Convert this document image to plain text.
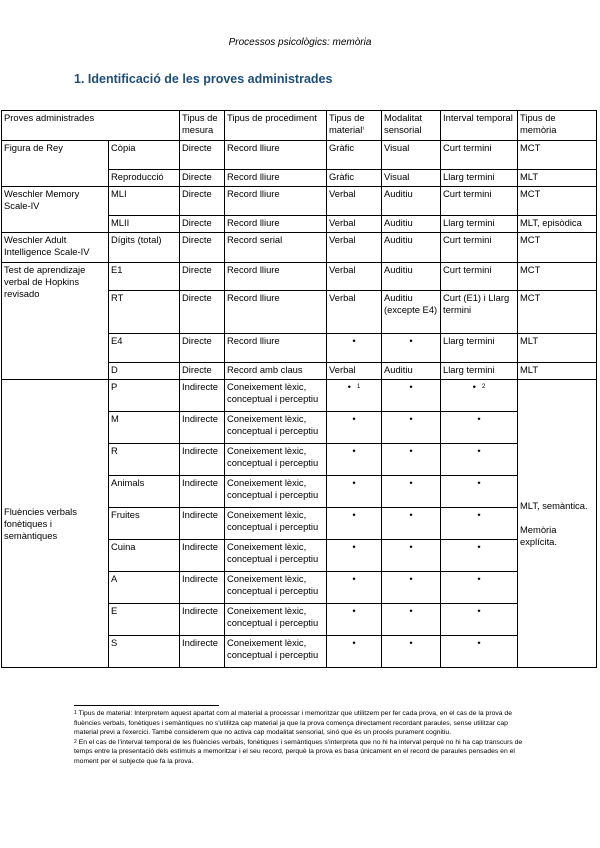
Processos psicològics: memòria
1. Identificació de les proves administrades
Proves administrades		Tipus de mesura	Tipus de procediment	Tipus de material$^{^1}$	Modalitat sensorial	Interval temporal	Tipus de memòria
Figura de Rey	Còpia	Directe	Record lliure	Gràfic	Visual	Curt termini	MCT
	Reproducció	Directe	Record lliure	Gràfic	Visual	Llarg termini	MLT
Weschler Memory Scale-IV	MLI	Directe	Record lliure	Verbal	Auditiu	Curt termini	MCT
	MLII	Directe	Record lliure	Verbal	Auditiu	Llarg termini	MLT, episòdica
Weschler Adult Intelligence Scale-IV	Dígits (total)	Directe	Record serial	Verbal	Auditiu	Curt termini	MCT
Test de aprendizaje verbal de Hopkins revisado	E1	Directe	Record lliure	Verbal	Auditiu	Curt termini	MCT
	RT	Directe	Record lliure	Verbal	Auditiu (excepte E4)	Curt (E1) i Llarg termini	MCT
	E4	Directe	Record lliure	•	•	Llarg termini	MLT
	D	Directe	Record amb claus	Verbal	Auditiu	Llarg termini	MLT
Fluències verbals fonètiques i semàntiques	P	Indirecte	Coneixement lèxic, conceptual i perceptiu	• $^1$	•	• $^2$	MLT, semàntica.
Memòria explícita.

	M	Indirecte	Coneixement lèxic, conceptual i perceptiu	•	•	•	
	R	Indirecte	Coneixement lèxic, conceptual i perceptiu	•	•	•	
	Animals	Indirecte	Coneixement lèxic, conceptual i perceptiu	•	•	•	
	Fruites	Indirecte	Coneixement lèxic, conceptual i perceptiu	•	•	•	
	Cuina	Indirecte	Coneixement lèxic, conceptual i perceptiu	•	•	•	
	A	Indirecte	Coneixement lèxic, conceptual i perceptiu	•	•	•	
	E	Indirecte	Coneixement lèxic, conceptual i perceptiu	•	•	•	
	S	Indirecte	Coneixement lèxic, conceptual i perceptiu	•	•	•	

$^1$ Tipus de material: Interpretem aquest apartat com al material a processar i memoritzar que utilitzem per fer cada prova, en el cas de la prova de fluències verbals, fonètiques i semàntiques no s'utilitza cap material ja que la prova comença directament recordant paraules, sense utilitzar cap material previ a l'exercici. També considerem que no activa cap modalitat sensorial, sinó que és un procés purament cognitiu.

$^2$ En el cas de l'interval temporal de les fluències verbals, fonètiques i semàntiques s'interpreta que no hi ha interval perquè no hi ha cap transcurs de temps entre la presentació dels estímuls a memoritzar i el seu record, perquè la prova es basa únicament en el record de paraules pensades en el moment per el subjecte que fa la prova.
